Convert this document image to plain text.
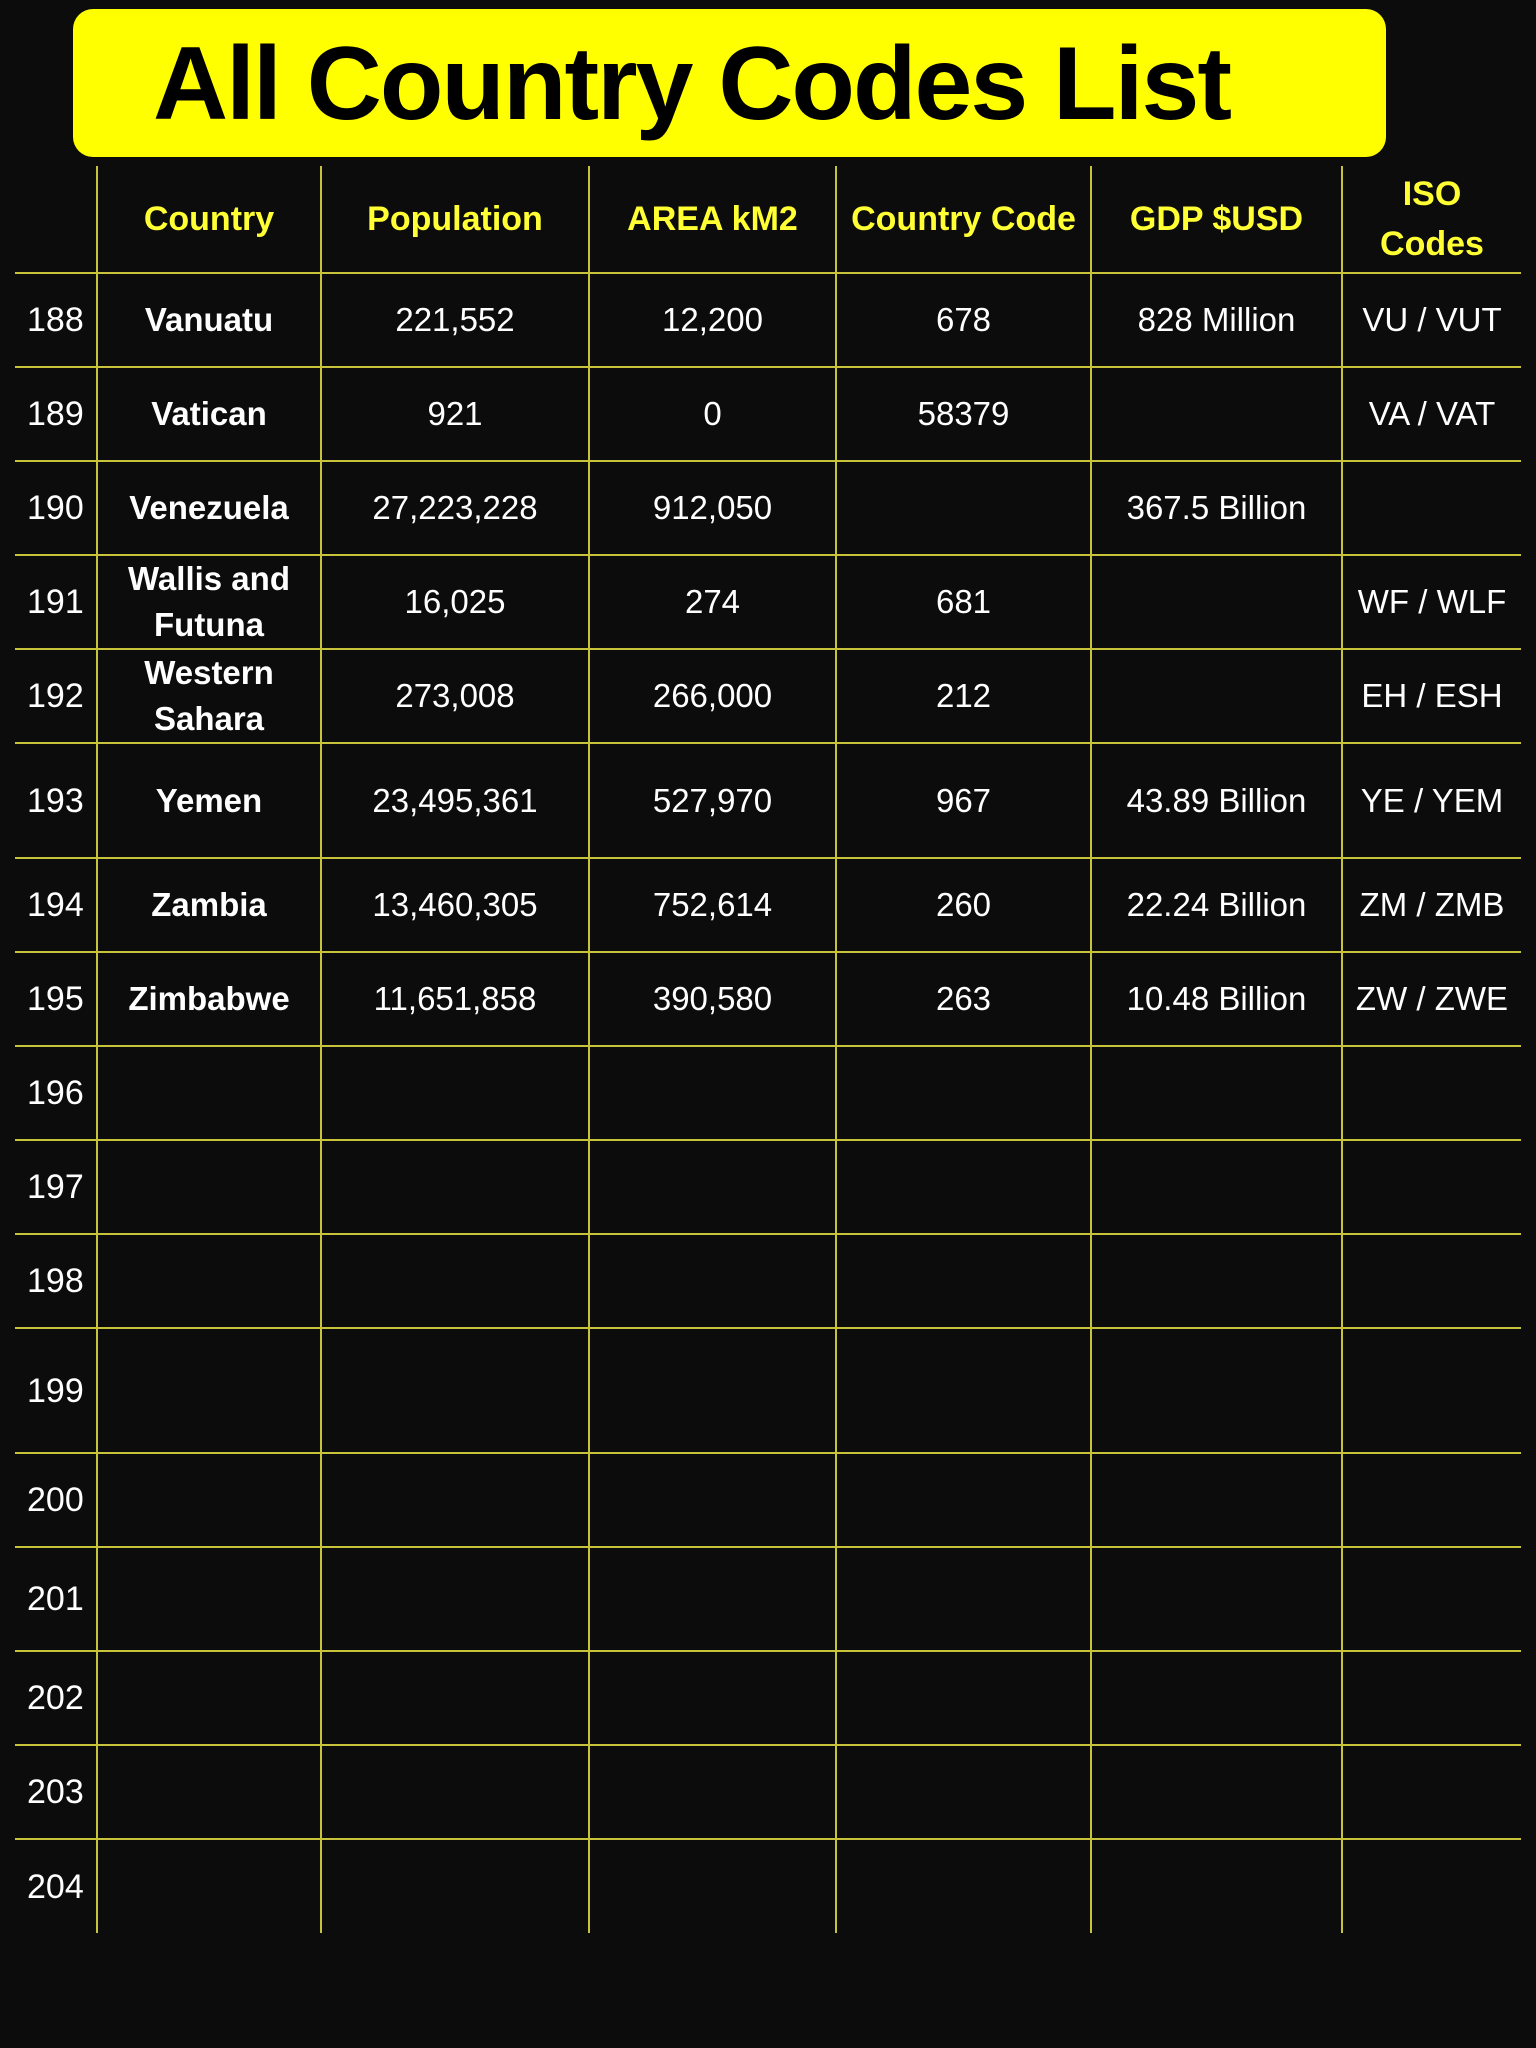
All Country Codes List
	Country	Population	AREA kM2	Country Code	GDP $USD	ISO Codes
188	Vanuatu	221,552	12,200	678	828 Million	VU / VUT
189	Vatican	921	0	58379		VA / VAT
190	Venezuela	27,223,228	912,050		367.5 Billion	
191	Wallis and Futuna	16,025	274	681		WF / WLF
192	Western Sahara	273,008	266,000	212		EH / ESH
193	Yemen	23,495,361	527,970	967	43.89 Billion	YE / YEM
194	Zambia	13,460,305	752,614	260	22.24 Billion	ZM / ZMB
195	Zimbabwe	11,651,858	390,580	263	10.48 Billion	ZW / ZWE
196						
197						
198						
199						
200						
201						
202						
203						
204						
